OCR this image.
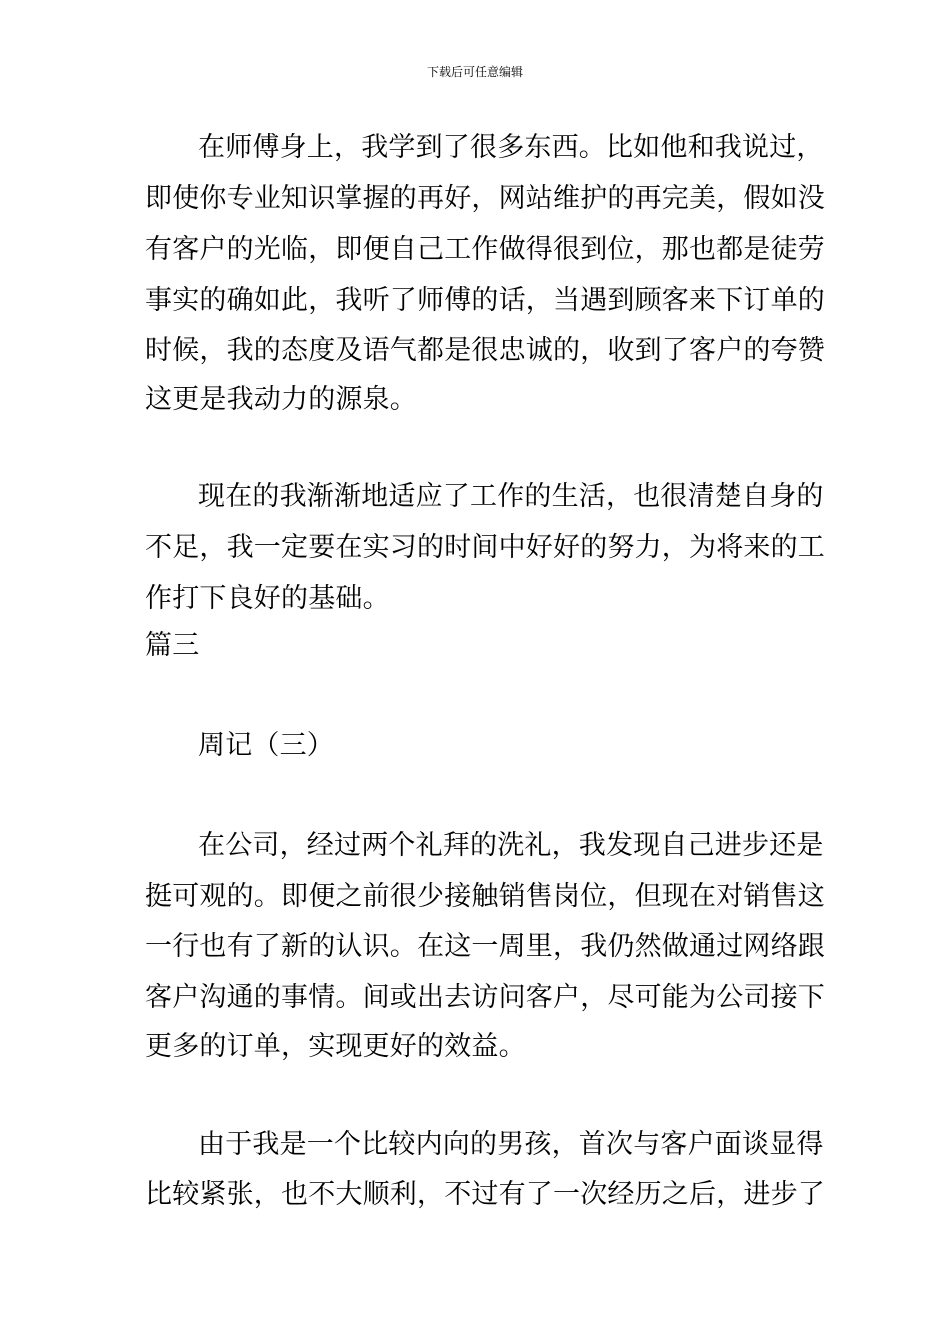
下载后可任意编辑
在师傅身上，我学到了很多东西。比如他和我说过，
即使你专业知识掌握的再好，网站维护的再完美，假如没
有客户的光临，即便自己工作做得很到位，那也都是徒劳
事实的确如此，我听了师傅的话，当遇到顾客来下订单的
时候，我的态度及语气都是很忠诚的，收到了客户的夸赞
这更是我动力的源泉。
现在的我渐渐地适应了工作的生活，也很清楚自身的
不足，我一定要在实习的时间中好好的努力，为将来的工
作打下良好的基础。
篇三
周记（三）
在公司，经过两个礼拜的洗礼，我发现自己进步还是
挺可观的。即便之前很少接触销售岗位，但现在对销售这
一行也有了新的认识。在这一周里，我仍然做通过网络跟
客户沟通的事情。间或出去访问客户，尽可能为公司接下
更多的订单，实现更好的效益。
由于我是一个比较内向的男孩，首次与客户面谈显得
比较紧张，也不大顺利，不过有了一次经历之后，进步了
